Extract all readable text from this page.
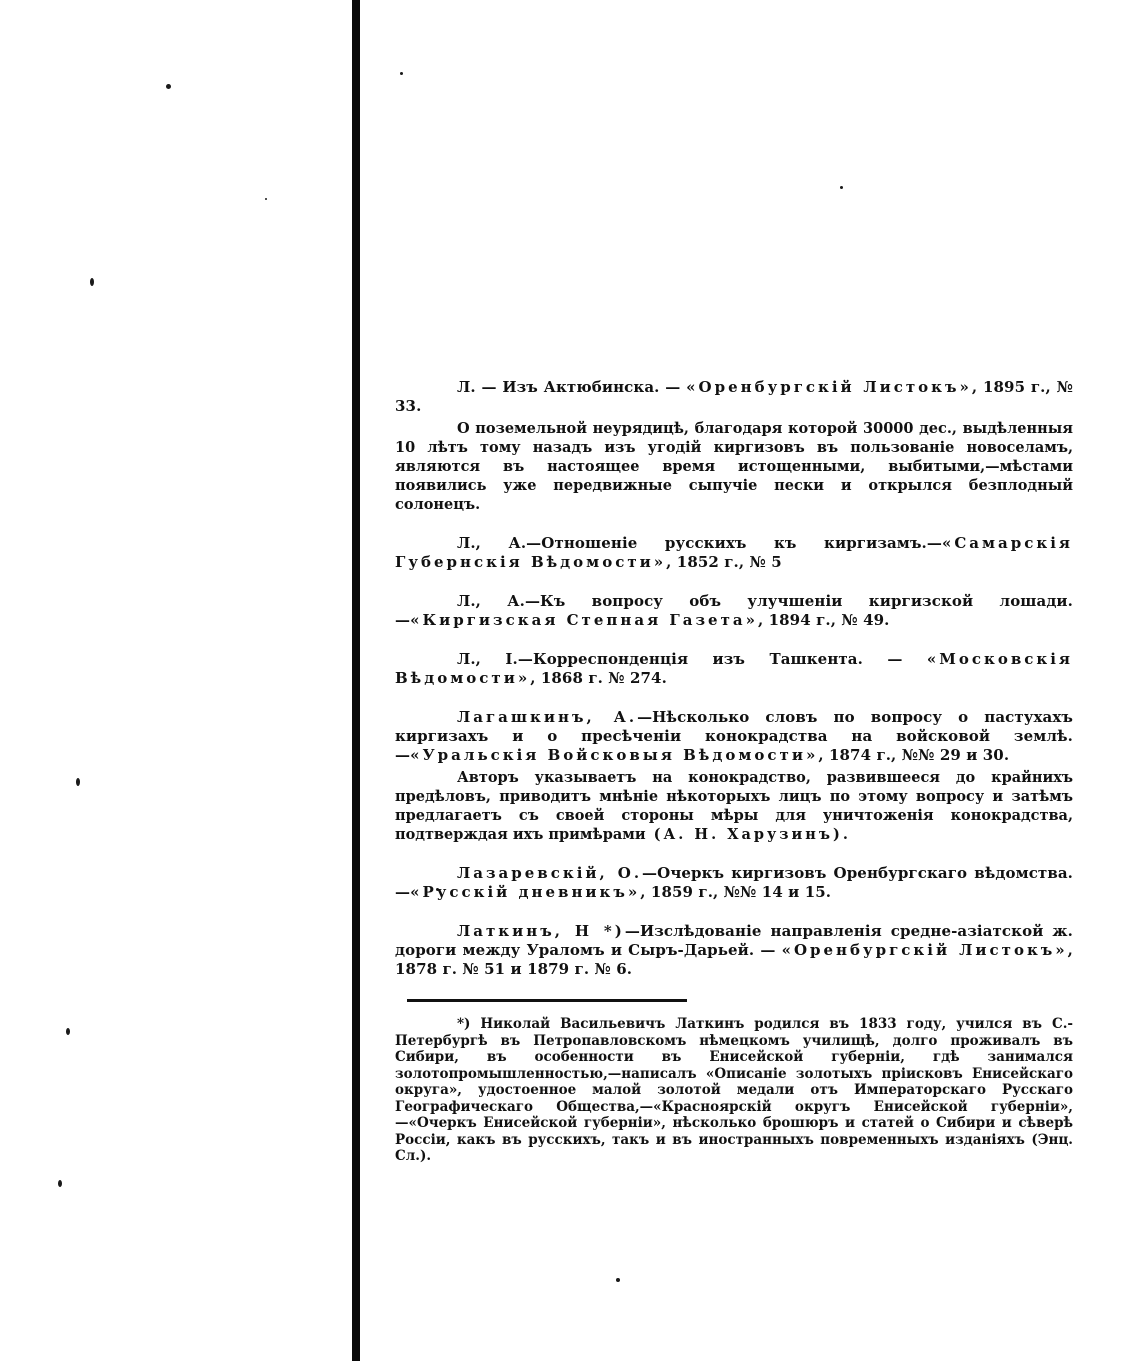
Л. — Изъ Актюбинска. — «Оренбургскій Листокъ», 1895 г., № 33.
О поземельной неурядицѣ, благодаря которой 30000 дес., выдѣленныя 10 лѣтъ тому назадъ изъ угодій киргизовъ въ пользованіе новоселамъ, являются въ настоящее время истощенными, выбитыми,—мѣстами появились уже передвижные сыпучіе пески и открылся безплодный солонецъ.
Л., А.—Отношеніе русскихъ къ киргизамъ.—«Самарскія Губернскія Вѣдомости», 1852 г., № 5
Л., А.—Къ вопросу объ улучшеніи киргизской лошади.—«Киргизская Степная Газета», 1894 г., № 49.
Л., І.—Корреспонденція изъ Ташкента. — «Московскія Вѣдомости», 1868 г. № 274.
Лагашкинъ, А.—Нѣсколько словъ по вопросу о пастухахъ киргизахъ и о пресѣченіи конокрадства на войсковой землѣ.—«Уральскія Войсковыя Вѣдомости», 1874 г., №№ 29 и 30.
Авторъ указываетъ на конокрадство, развившееся до крайнихъ предѣловъ, приводитъ мнѣніе нѣкоторыхъ лицъ по этому вопросу и затѣмъ предлагаетъ съ своей стороны мѣры для уничтоженія конокрадства, подтверждая ихъ примѣрами (А. Н. Харузинъ).
Лазаревскій, О.—Очеркъ киргизовъ Оренбургскаго вѣдомства.—«Русскій дневникъ», 1859 г., №№ 14 и 15.
Латкинъ, Н *)—Изслѣдованіе направленія средне-азіатской ж. дороги между Ураломъ и Сыръ-Дарьей. — «Оренбургскій Листокъ», 1878 г. № 51 и 1879 г. № 6.
*) Николай Васильевичъ Латкинъ родился въ 1833 году, учился въ С.-Петербургѣ въ Петропавловскомъ нѣмецкомъ училищѣ, долго проживалъ въ Сибири, въ особенности въ Енисейской губерніи, гдѣ занимался золотопромышленностью,—написалъ «Описаніе золотыхъ пріисковъ Енисейскаго округа», удостоенное малой золотой медали отъ Императорскаго Русскаго Географическаго Общества,—«Красноярскій округъ Енисейской губерніи»,—«Очеркъ Енисейской губерніи», нѣсколько брошюръ и статей о Сибири и сѣверѣ Россіи, какъ въ русскихъ, такъ и въ иностранныхъ повременныхъ изданіяхъ (Энц. Сл.).
